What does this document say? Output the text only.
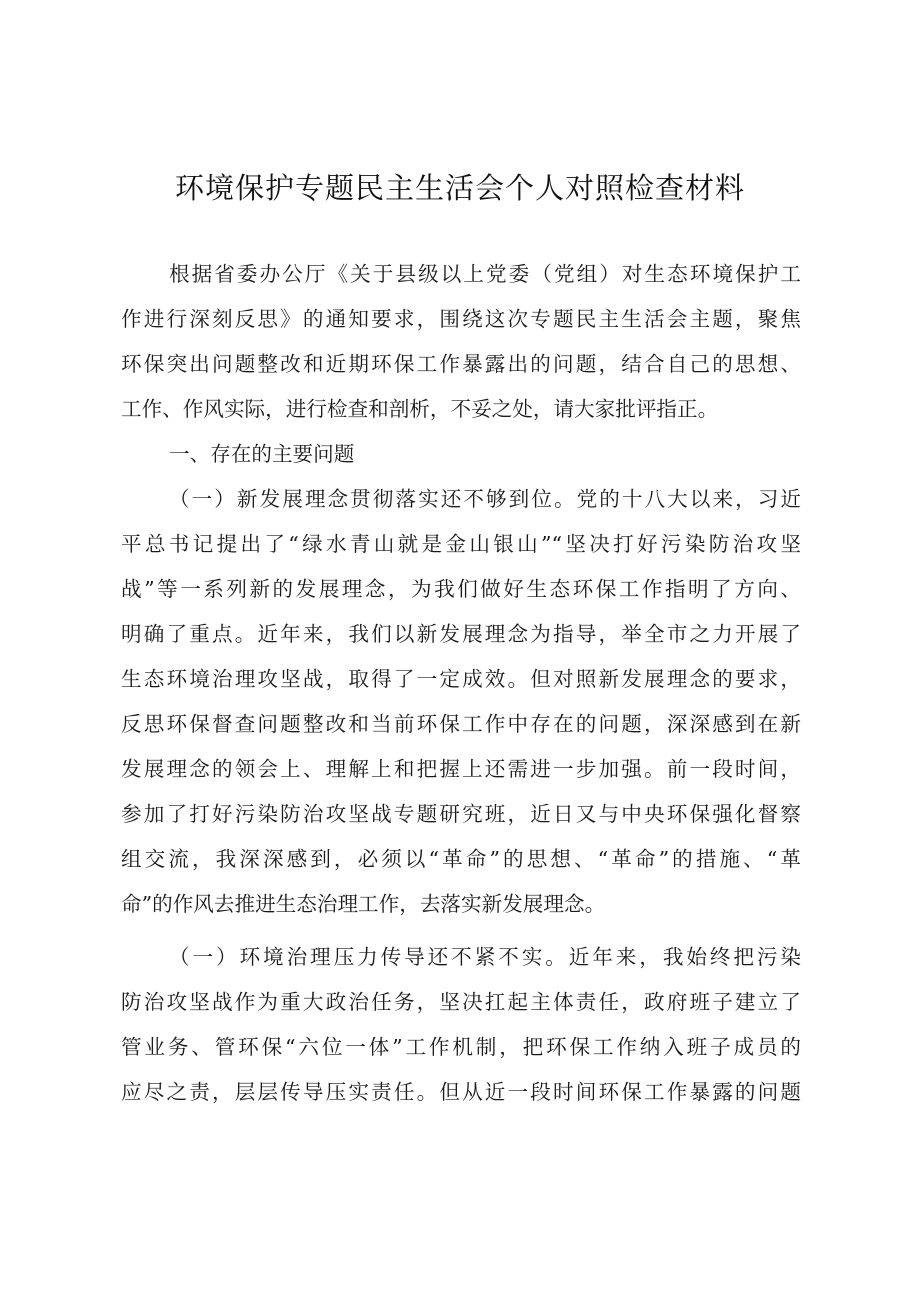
环境保护专题民主生活会个人对照检查材料
根据省委办公厅《关于县级以上党委（党组）对生态环境保护工
作进行深刻反思》的通知要求，围绕这次专题民主生活会主题，聚焦
环保突出问题整改和近期环保工作暴露出的问题，结合自己的思想、
工作、作风实际，进行检查和剖析，不妥之处，请大家批评指正。
一、存在的主要问题
（一）新发展理念贯彻落实还不够到位。党的十八大以来，习近
平总书记提出了“绿水青山就是金山银山”“坚决打好污染防治攻坚
战”等一系列新的发展理念，为我们做好生态环保工作指明了方向、
明确了重点。近年来，我们以新发展理念为指导，举全市之力开展了
生态环境治理攻坚战，取得了一定成效。但对照新发展理念的要求，
反思环保督查问题整改和当前环保工作中存在的问题，深深感到在新
发展理念的领会上、理解上和把握上还需进一步加强。前一段时间，
参加了打好污染防治攻坚战专题研究班，近日又与中央环保强化督察
组交流，我深深感到，必须以“革命”的思想、“革命”的措施、“革
命”的作风去推进生态治理工作，去落实新发展理念。
（一）环境治理压力传导还不紧不实。近年来，我始终把污染
防治攻坚战作为重大政治任务，坚决扛起主体责任，政府班子建立了
管业务、管环保“六位一体”工作机制，把环保工作纳入班子成员的
应尽之责，层层传导压实责任。但从近一段时间环保工作暴露的问题
